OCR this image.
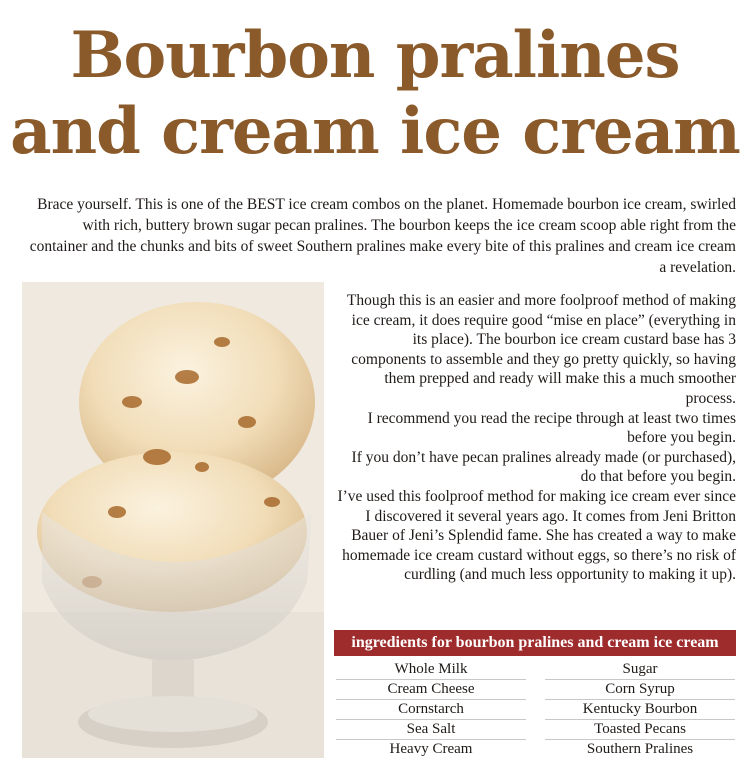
Bourbon pralines
and cream ice cream
Brace yourself. This is one of the BEST ice cream combos on the planet. Homemade bourbon ice cream, swirled with rich, buttery brown sugar pecan pralines. The bourbon keeps the ice cream scoop able right from the container and the chunks and bits of sweet Southern pralines make every bite of this pralines and cream ice cream a revelation.

Though this is an easier and more foolproof method of making ice cream, it does require good “mise en place” (everything in its place). The bourbon ice cream custard base has 3 components to assemble and they go pretty quickly, so having them prepped and ready will make this a much smoother process.

I recommend you read the recipe through at least two times before you begin.

If you don’t have pecan pralines already made (or purchased), do that before you begin.

I’ve used this foolproof method for making ice cream ever since I discovered it several years ago. It comes from Jeni Britton Bauer of Jeni’s Splendid fame. She has created a way to make homemade ice cream custard without eggs, so there’s no risk of curdling (and much less opportunity to making it up).

ingredients for bourbon pralines and cream ice cream
Whole Milk
Cream Cheese
Cornstarch
Sea Salt
Heavy Cream
Sugar
Corn Syrup
Kentucky Bourbon
Toasted Pecans
Southern Pralines
